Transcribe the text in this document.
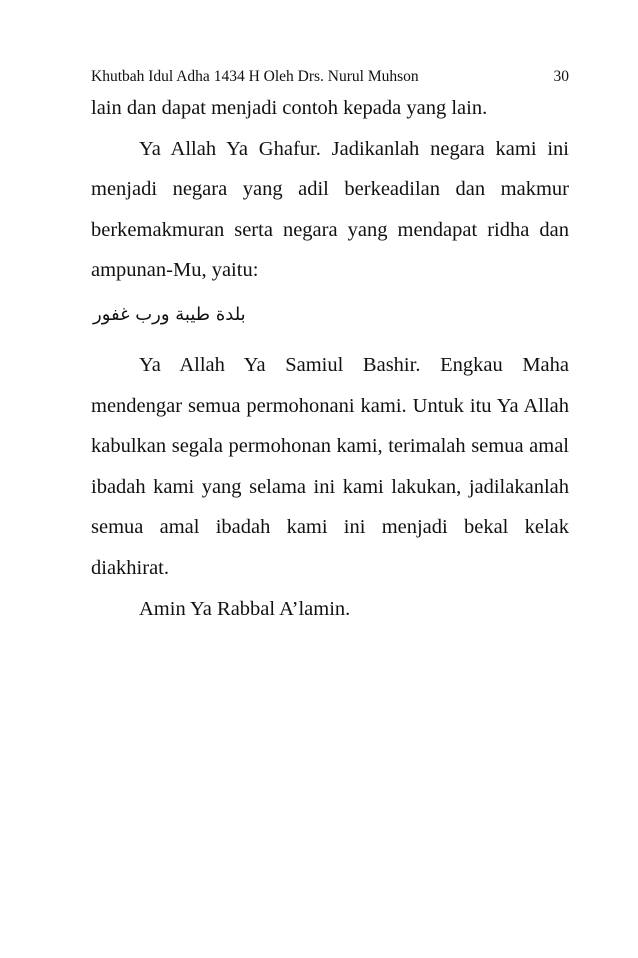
Khutbah Idul Adha 1434 H Oleh Drs. Nurul Muhson	30

lain dan dapat menjadi contoh kepada yang lain.

Ya Allah Ya Ghafur. Jadikanlah negara kami ini menjadi negara yang adil berkeadilan dan makmur berkemakmuran serta negara yang mendapat ridha dan ampunan-Mu, yaitu:

بلدة طيبة ورب غفور

Ya Allah Ya Samiul Bashir. Engkau Maha mendengar semua permohonani kami. Untuk itu Ya Allah kabulkan segala permohonan kami, terimalah semua amal ibadah kami yang selama ini kami lakukan, jadilakanlah semua amal ibadah kami ini menjadi bekal kelak diakhirat.

Amin Ya Rabbal A’lamin.
